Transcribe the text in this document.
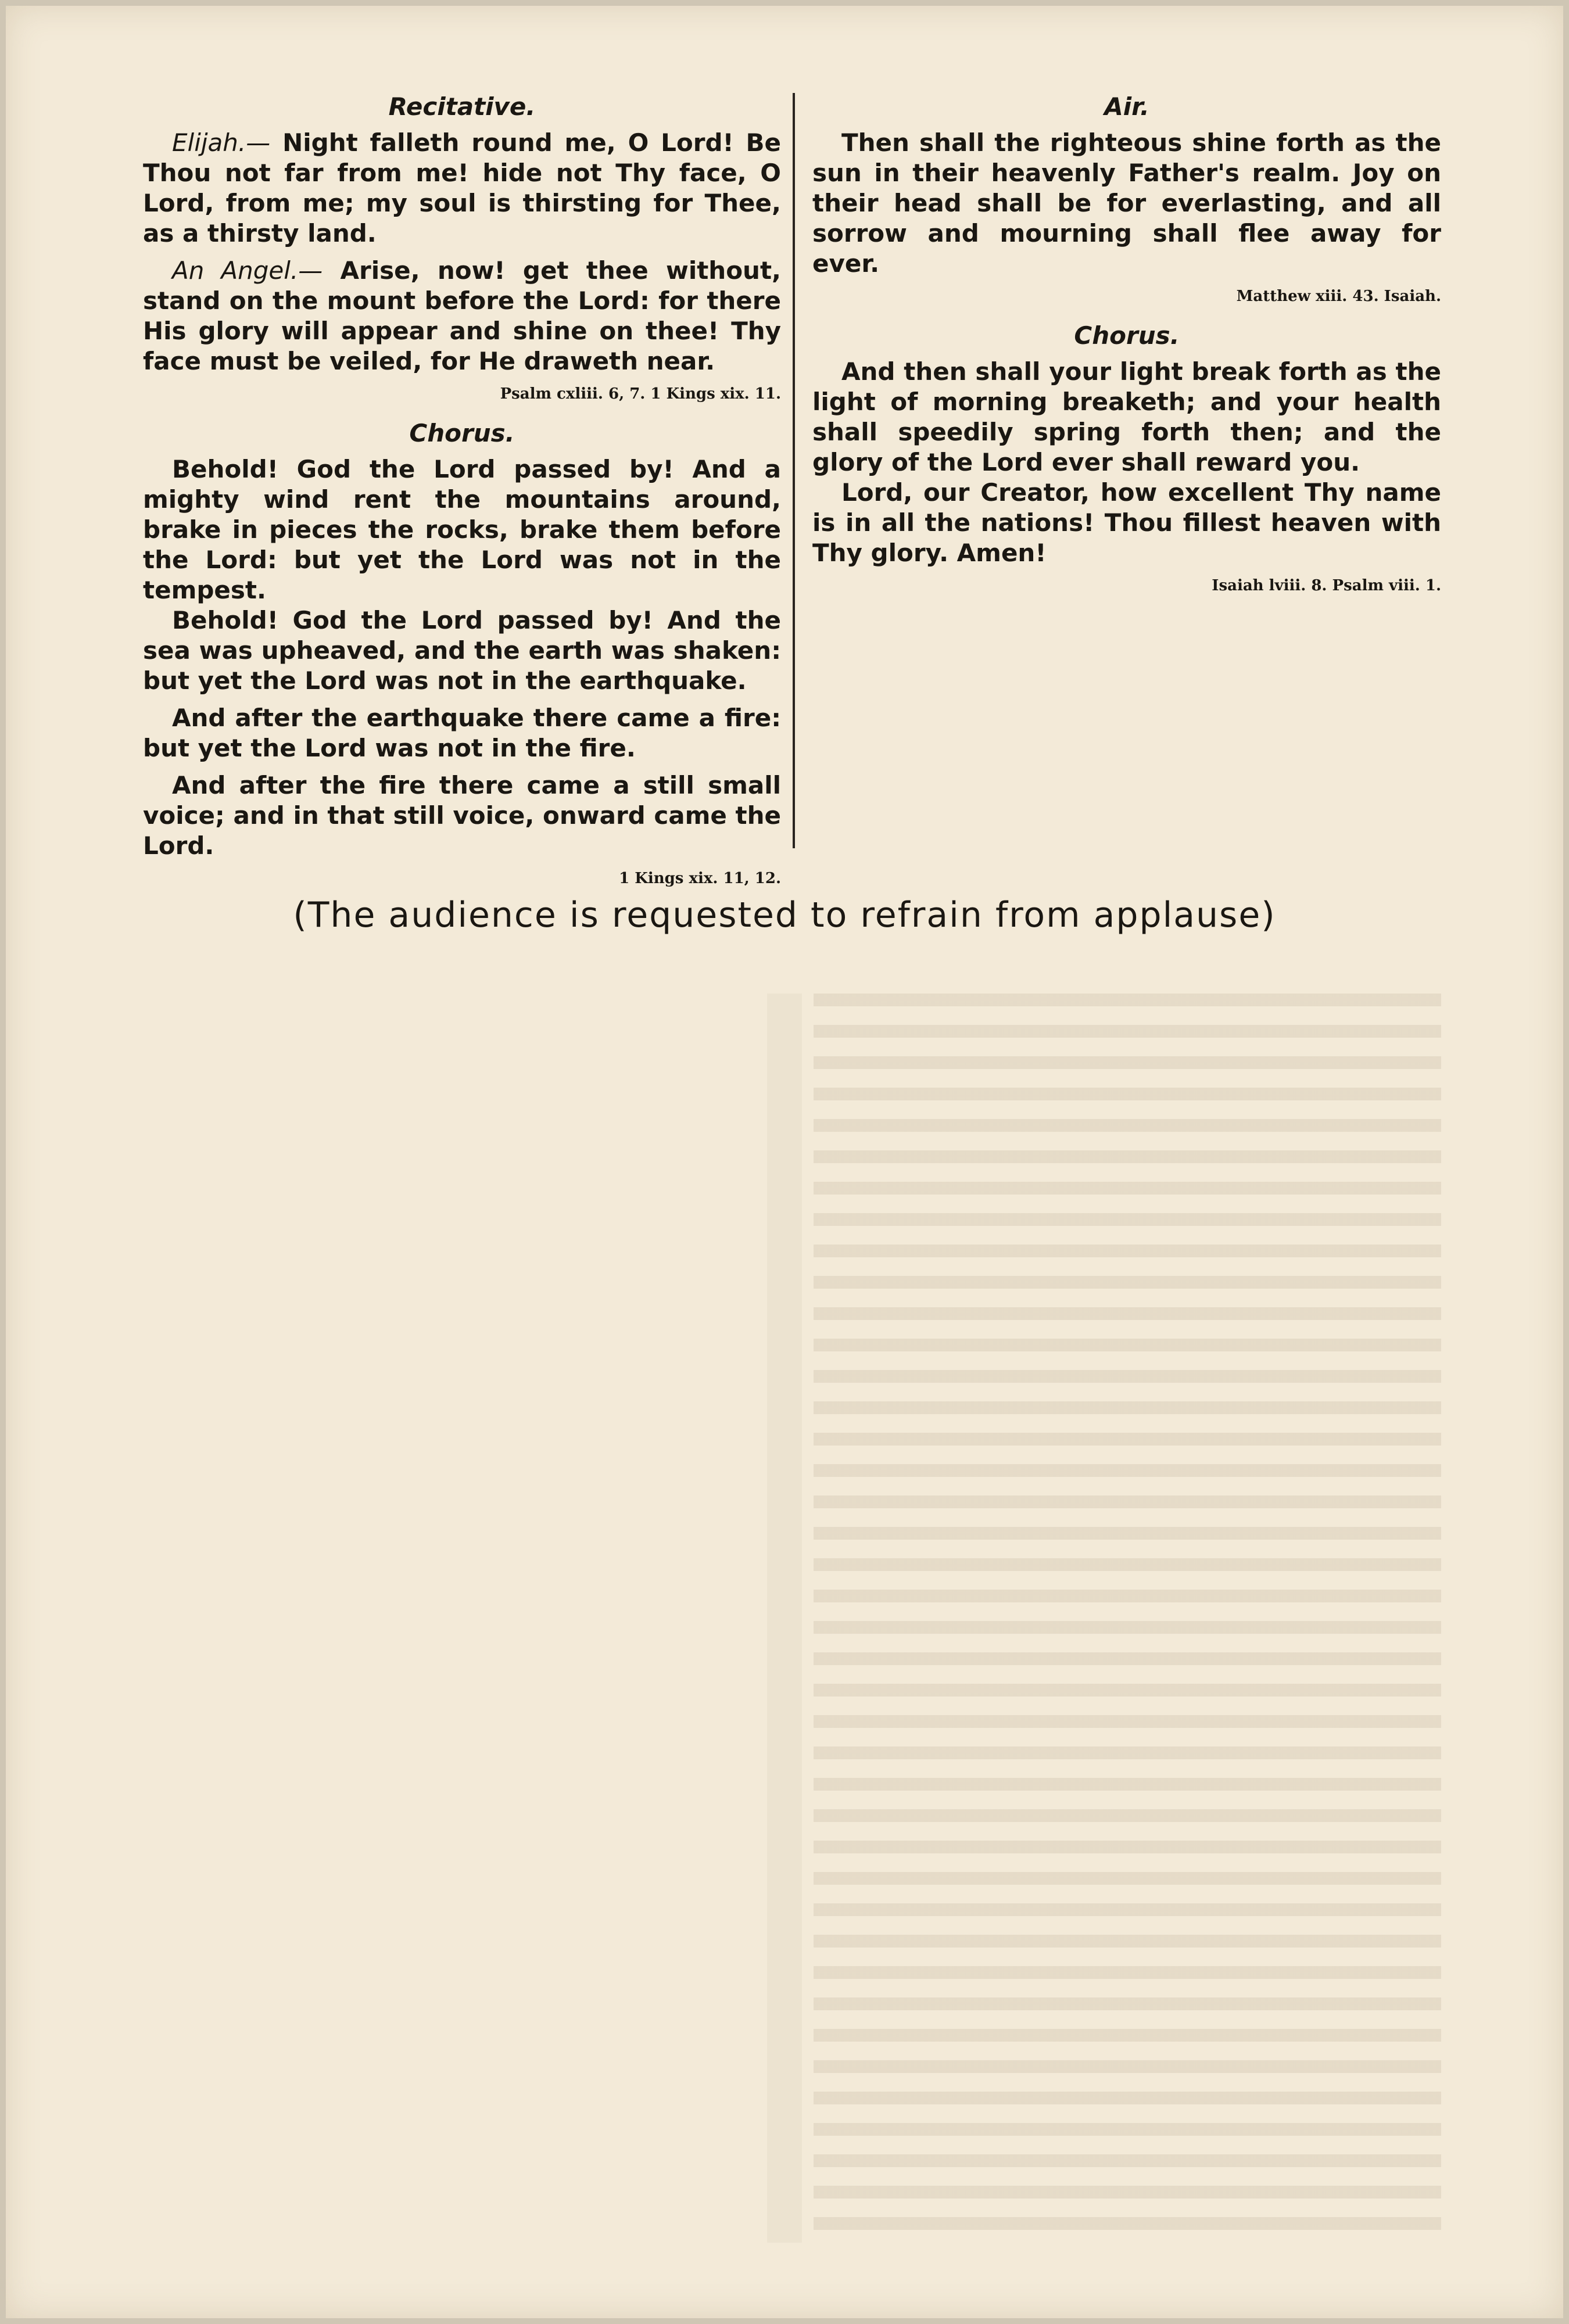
Recitative.

Elijah.— Night falleth round me, O Lord! Be Thou not far from me! hide not Thy face, O Lord, from me; my soul is thirsting for Thee, as a thirsty land.

An Angel.— Arise, now! get thee without, stand on the mount before the Lord: for there His glory will appear and shine on thee! Thy face must be veiled, for He draweth near.

Psalm cxliii. 6, 7. 1 Kings xix. 11.
Chorus.

Behold! God the Lord passed by! And a mighty wind rent the mountains around, brake in pieces the rocks, brake them before the Lord: but yet the Lord was not in the tempest.

Behold! God the Lord passed by! And the sea was upheaved, and the earth was shaken: but yet the Lord was not in the earthquake.

And after the earthquake there came a fire: but yet the Lord was not in the fire.

And after the fire there came a still small voice; and in that still voice, onward came the Lord.

1 Kings xix. 11, 12.
Air.

Then shall the righteous shine forth as the sun in their heavenly Father's realm. Joy on their head shall be for everlasting, and all sorrow and mourning shall flee away for ever.

Matthew xiii. 43. Isaiah.
Chorus.

And then shall your light break forth as the light of morning breaketh; and your health shall speedily spring forth then; and the glory of the Lord ever shall reward you.

Lord, our Creator, how excellent Thy name is in all the nations! Thou fillest heaven with Thy glory. Amen!

Isaiah lviii. 8. Psalm viii. 1.
(The audience is requested to refrain from applause)
